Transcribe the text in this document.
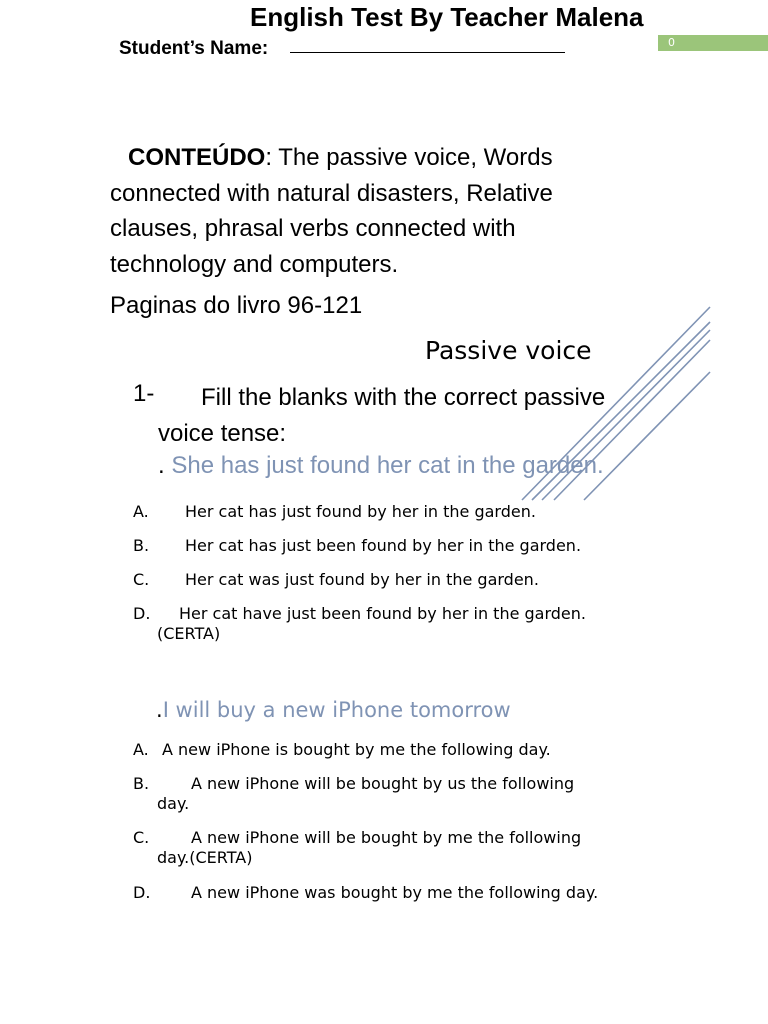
English Test By Teacher Malena
Student’s Name:	0
CONTEÚDO: The passive voice, Words connected with natural disasters, Relative clauses, phrasal verbs connected with technology and computers.
Paginas do livro 96-121
Passive voice
1-	Fill the blanks with the correct passive voice tense:
. She has just found her cat in the garden.
A. Her cat has just found by her in the garden.
B. Her cat has just been found by her in the garden.
C. Her cat was just found by her in the garden.
D. Her cat have just been found by her in the garden.
(CERTA)
.I will buy a new iPhone tomorrow
A. A new iPhone is bought by me the following day.
B.	A new iPhone will be bought by us the following
day.
C.	A new iPhone will be bought by me the following
day.(CERTA)
D.	A new iPhone was bought by me the following day.
